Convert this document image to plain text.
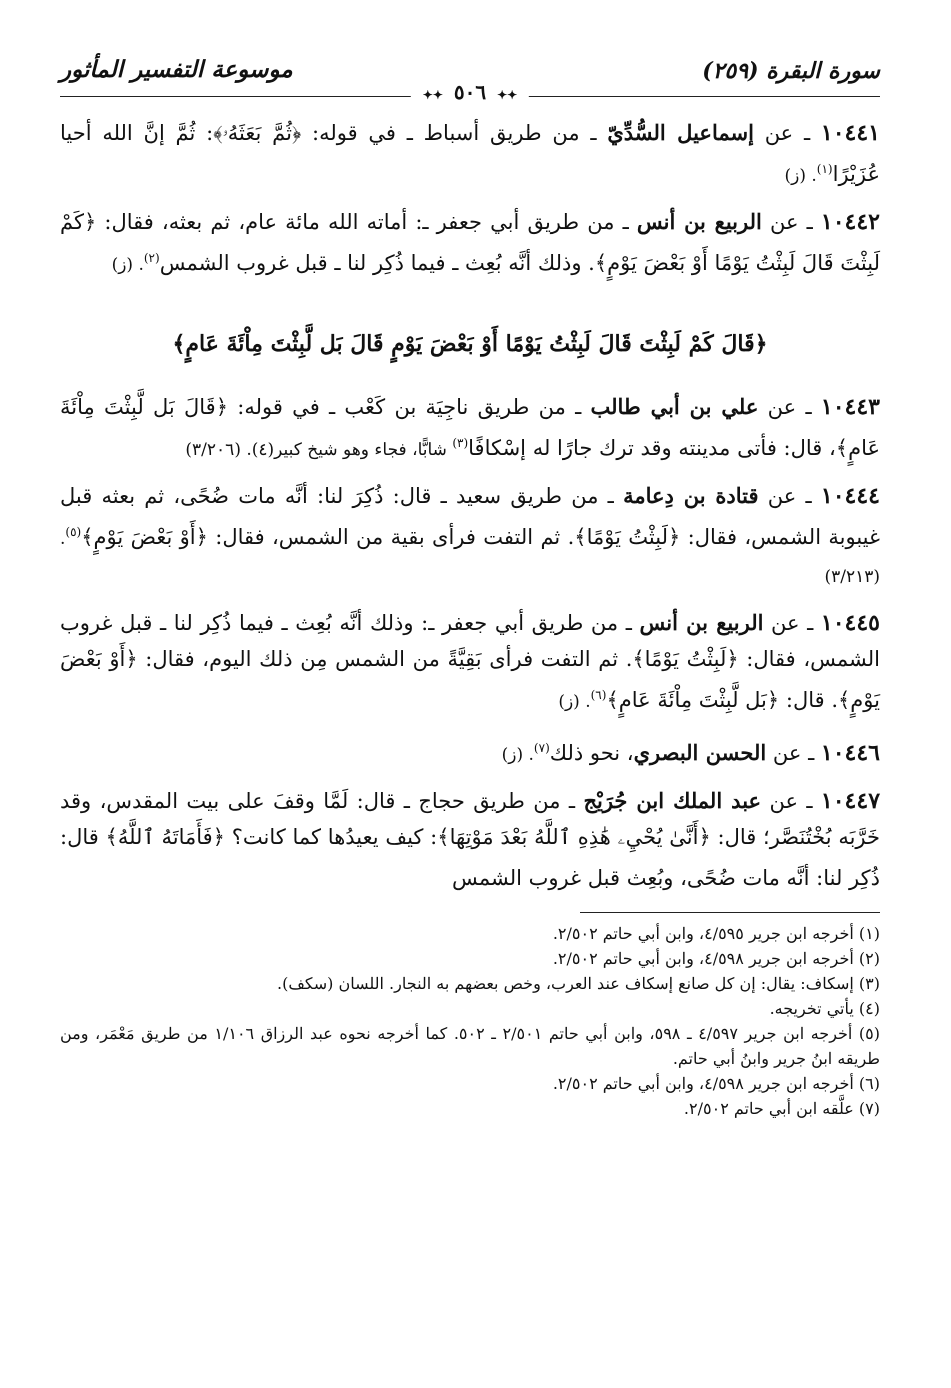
سورة البقرة (٢٥٩)
✦✦ ٥٠٦ ✦✦
موسوعة التفسير المأثور

١٠٤٤١ ـ عن إسماعيل السُّدِّيّ ـ من طريق أسباط ـ في قوله: ﴿ثُمَّ بَعَثَهُۥ﴾: ثُمَّ إنَّ الله أحيا عُزَيْرًا$^{(١)}$. (ز)

١٠٤٤٢ ـ عن الربيع بن أنس ـ من طريق أبي جعفر ـ: أماته الله مائة عام، ثم بعثه، فقال: ﴿كَمْ لَبِثْتَ قَالَ لَبِثْتُ يَوْمًا أَوْ بَعْضَ يَوْمٍ﴾. وذلك أنَّه بُعِث ـ فيما ذُكِر لنا ـ قبل غروب الشمس$^{(٢)}$. (ز)

﴿قَالَ كَمْ لَبِثْتَ قَالَ لَبِثْتُ يَوْمًا أَوْ بَعْضَ يَوْمٍ قَالَ بَل لَّبِثْتَ مِاْئَةَ عَامٍ﴾

١٠٤٤٣ ـ عن علي بن أبي طالب ـ من طريق ناجِيَة بن كَعْب ـ في قوله: ﴿قَالَ بَل لَّبِثْتَ مِاْئَةَ عَامٍ﴾، قال: فأتى مدينته وقد ترك جارًا له إسْكافًا$^{(٣)}$ شابًّا، فجاء وهو شيخ كبير(٤). (٣/٢٠٦)

١٠٤٤٤ ـ عن قتادة بن دِعامة ـ من طريق سعيد ـ قال: ذُكِرَ لنا: أنَّه مات ضُحًى، ثم بعثه قبل غيبوبة الشمس، فقال: ﴿لَبِثْتُ يَوْمًا﴾. ثم التفت فرأى بقية من الشمس، فقال: ﴿أَوْ بَعْضَ يَوْمٍ﴾$^{(٥)}$. (٣/٢١٣)

١٠٤٤٥ ـ عن الربيع بن أنس ـ من طريق أبي جعفر ـ: وذلك أنَّه بُعِث ـ فيما ذُكِر لنا ـ قبل غروب الشمس، فقال: ﴿لَبِثْتُ يَوْمًا﴾. ثم التفت فرأى بَقِيَّةً من الشمس مِن ذلك اليوم، فقال: ﴿أَوْ بَعْضَ يَوْمٍ﴾. قال: ﴿بَل لَّبِثْتَ مِاْئَةَ عَامٍ﴾$^{(٦)}$. (ز)

١٠٤٤٦ ـ عن الحسن البصري، نحو ذلك$^{(٧)}$. (ز)

١٠٤٤٧ ـ عن عبد الملك ابن جُرَيْج ـ من طريق حجاج ـ قال: لَمَّا وقفَ على بيت المقدس، وقد خَرَّبَه بُخْتُنَصَّر؛ قال: ﴿أَنَّىٰ يُحْيِۦ هَٰذِهِ ٱللَّهُ بَعْدَ مَوْتِهَا﴾: كيف يعيدُها كما كانت؟ ﴿فَأَمَاتَهُ ٱللَّهُ﴾ قال: ذُكِر لنا: أنَّه مات ضُحًى، وبُعِث قبل غروب الشمس

(١) أخرجه ابن جرير ٤/٥٩٥، وابن أبي حاتم ٢/٥٠٢.

(٢) أخرجه ابن جرير ٤/٥٩٨، وابن أبي حاتم ٢/٥٠٢.

(٣) إسكاف: يقال: إن كل صانع إسكاف عند العرب، وخص بعضهم به النجار. اللسان (سكف).

(٤) يأتي تخريجه.

(٥) أخرجه ابن جرير ٤/٥٩٧ ـ ٥٩٨، وابن أبي حاتم ٢/٥٠١ ـ ٥٠٢. كما أخرجه نحوه عبد الرزاق ١/١٠٦ من طريق مَعْمَر، ومن طريقه ابنُ جرير وابنُ أبي حاتم.

(٦) أخرجه ابن جرير ٤/٥٩٨، وابن أبي حاتم ٢/٥٠٢.

(٧) علَّقه ابن أبي حاتم ٢/٥٠٢.
